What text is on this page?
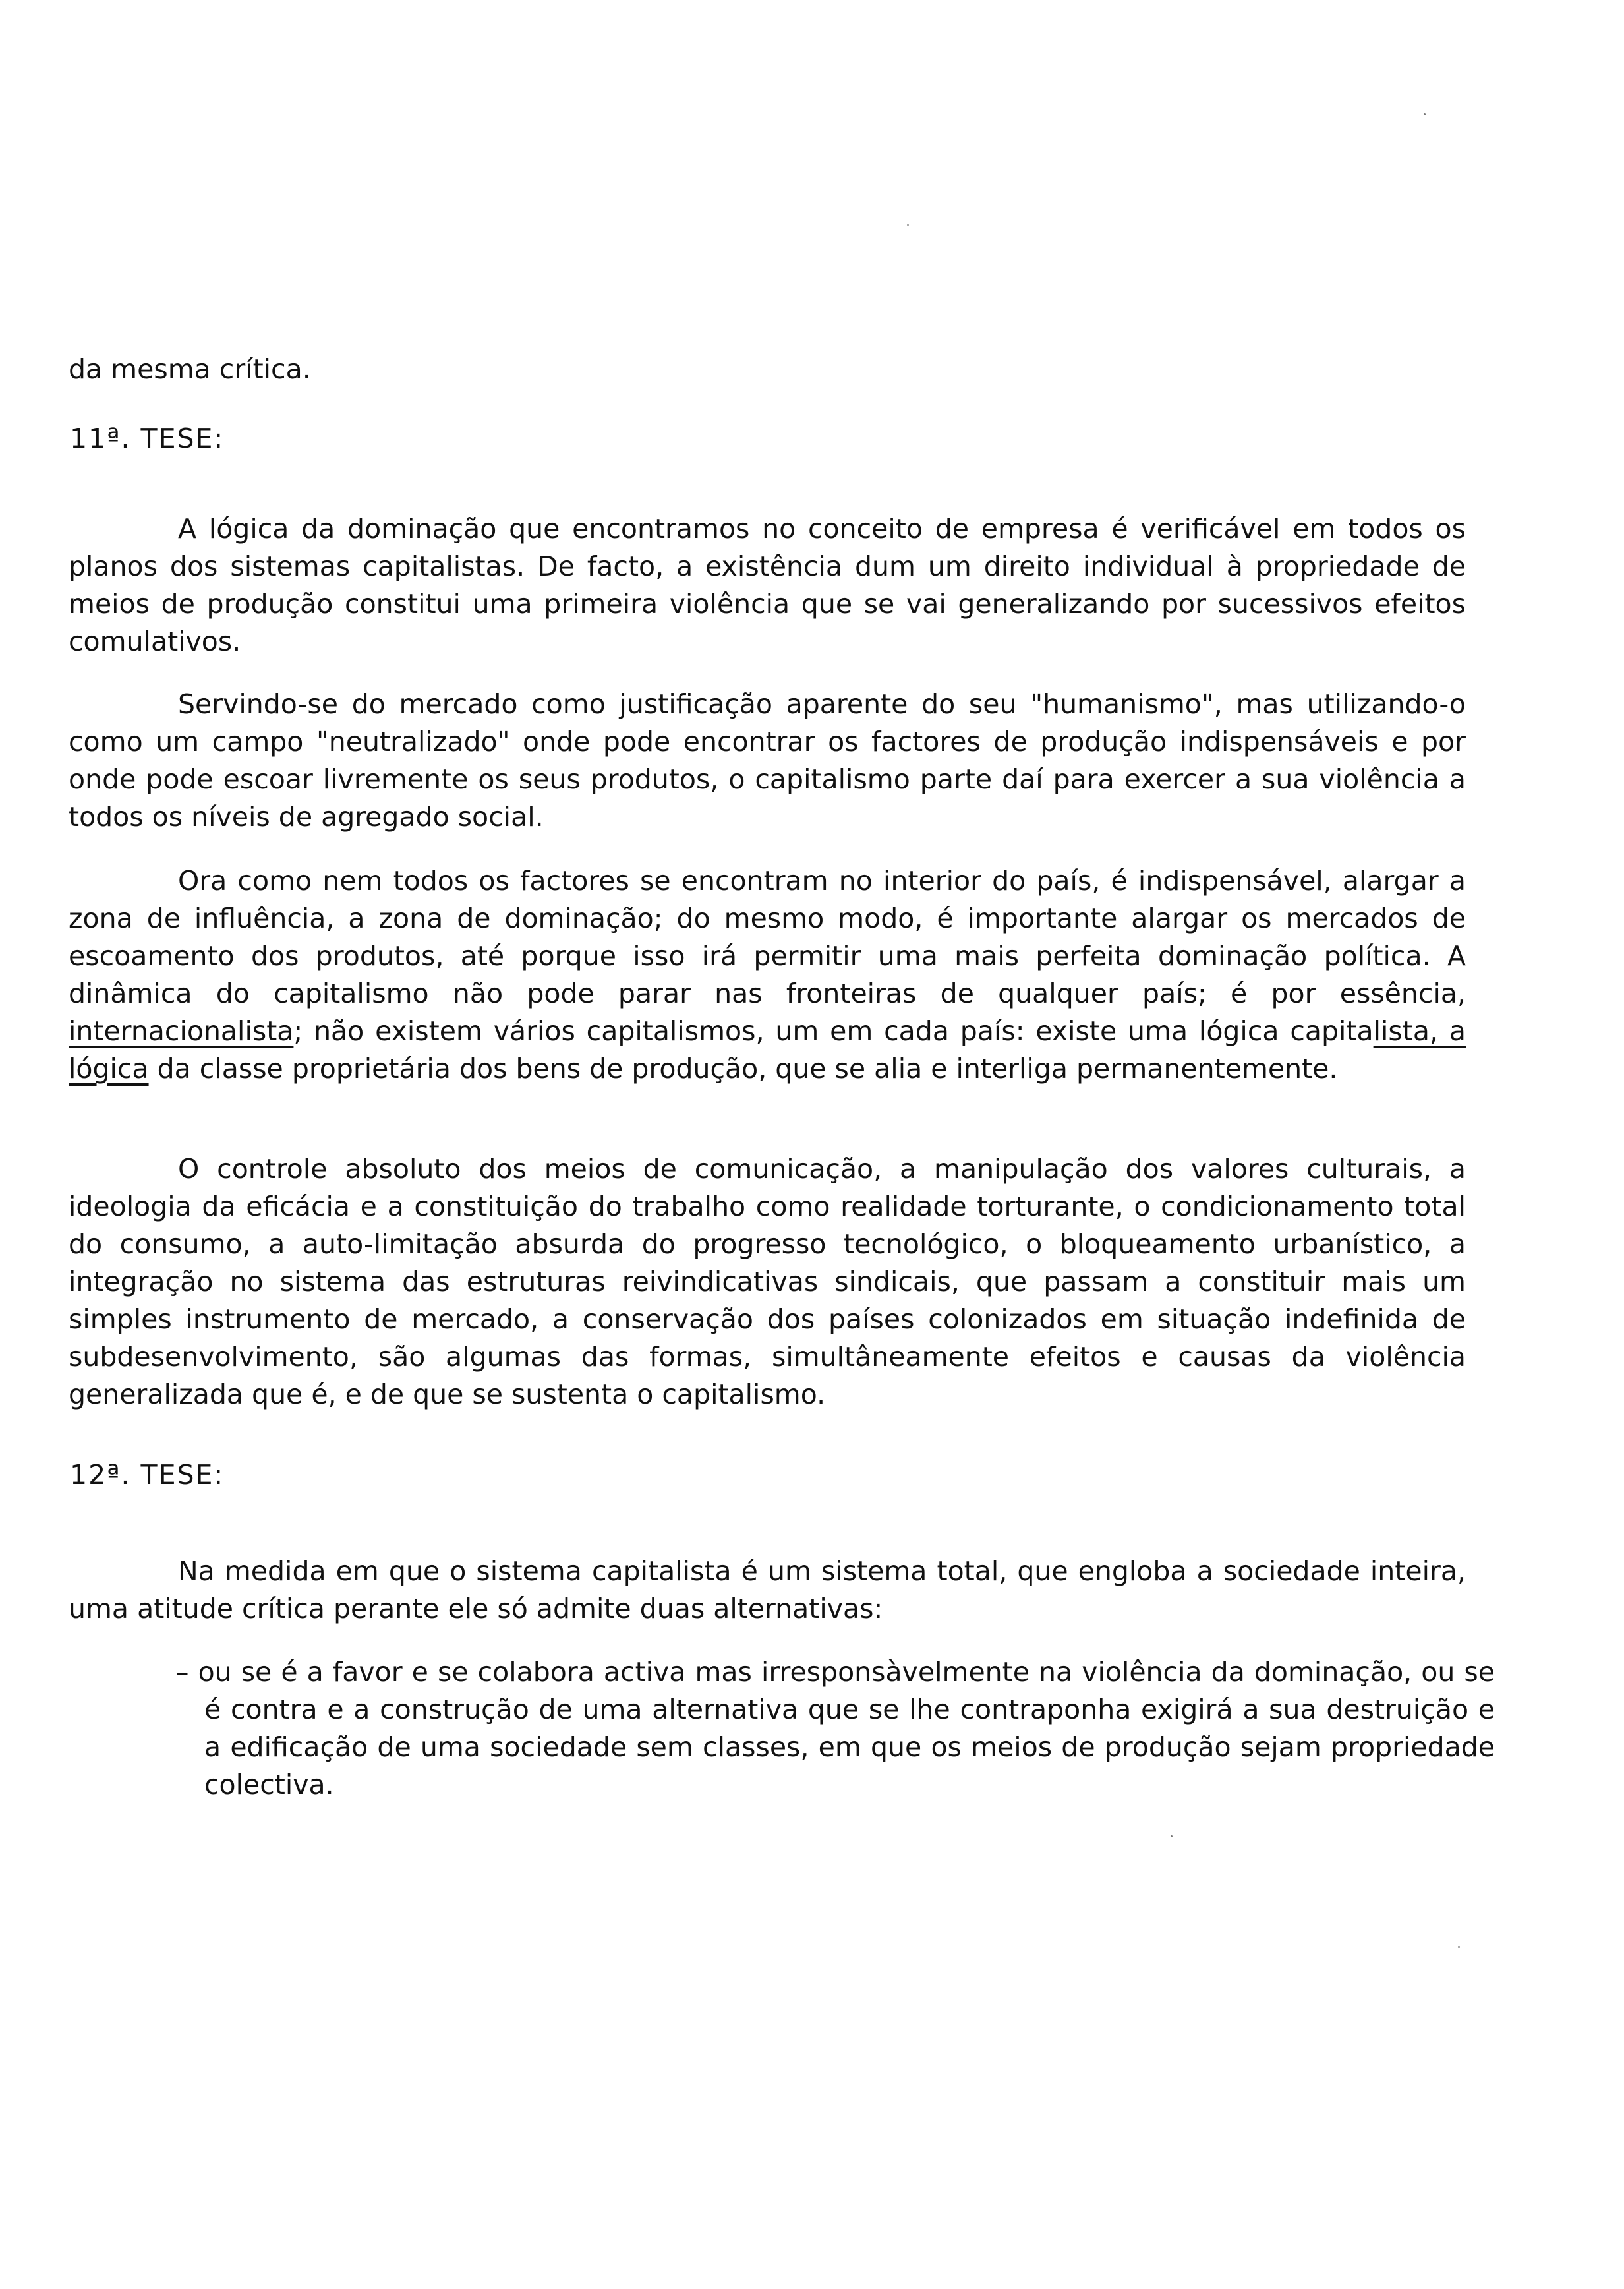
da mesma crítica.

11ª. TESE:

A lógica da dominação que encontramos no conceito de empresa é verificável em todos os planos dos sistemas capitalistas. De facto, a existência dum um direito individual à propriedade de meios de produção constitui uma primeira violência que se vai generalizando por sucessivos efeitos comulativos.

Servindo-se do mercado como justificação aparente do seu "humanismo", mas utilizando-o como um campo "neutralizado" onde pode encontrar os factores de produção indispensáveis e por onde pode escoar livremente os seus produtos, o capitalismo parte daí para exercer a sua violência a todos os níveis de agregado social.

Ora como nem todos os factores se encontram no interior do país, é indispensável, alargar a zona de influência, a zona de dominação; do mesmo modo, é importante alargar os mercados de escoamento dos produtos, até porque isso irá permitir uma mais perfeita dominação política. A dinâmica do capitalismo não pode parar nas fronteiras de qualquer país; é por essência, internacionalista; não existem vários capitalismos, um em cada país: existe uma lógica capitalista, a lógica da classe proprietária dos bens de produção, que se alia e interliga permanentemente.

O controle absoluto dos meios de comunicação, a manipulação dos valores culturais, a ideologia da eficácia e a constituição do trabalho como realidade torturante, o condicionamento total do consumo, a auto-limitação absurda do progresso tecnológico, o bloqueamento urbanístico, a integração no sistema das estruturas reivindicativas sindicais, que passam a constituir mais um simples instrumento de mercado, a conservação dos países colonizados em situação indefinida de subdesenvolvimento, são algumas das formas, simultâneamente efeitos e causas da violência generalizada que é, e de que se sustenta o capitalismo.

12ª. TESE:

Na medida em que o sistema capitalista é um sistema total, que engloba a sociedade inteira, uma atitude crítica perante ele só admite duas alternativas:

– ou se é a favor e se colabora activa mas irresponsàvelmente na violência da dominação, ou se é contra e a construção de uma alternativa que se lhe contraponha exigirá a sua destruição e a edificação de uma sociedade sem classes, em que os meios de produção sejam propriedade colectiva.
